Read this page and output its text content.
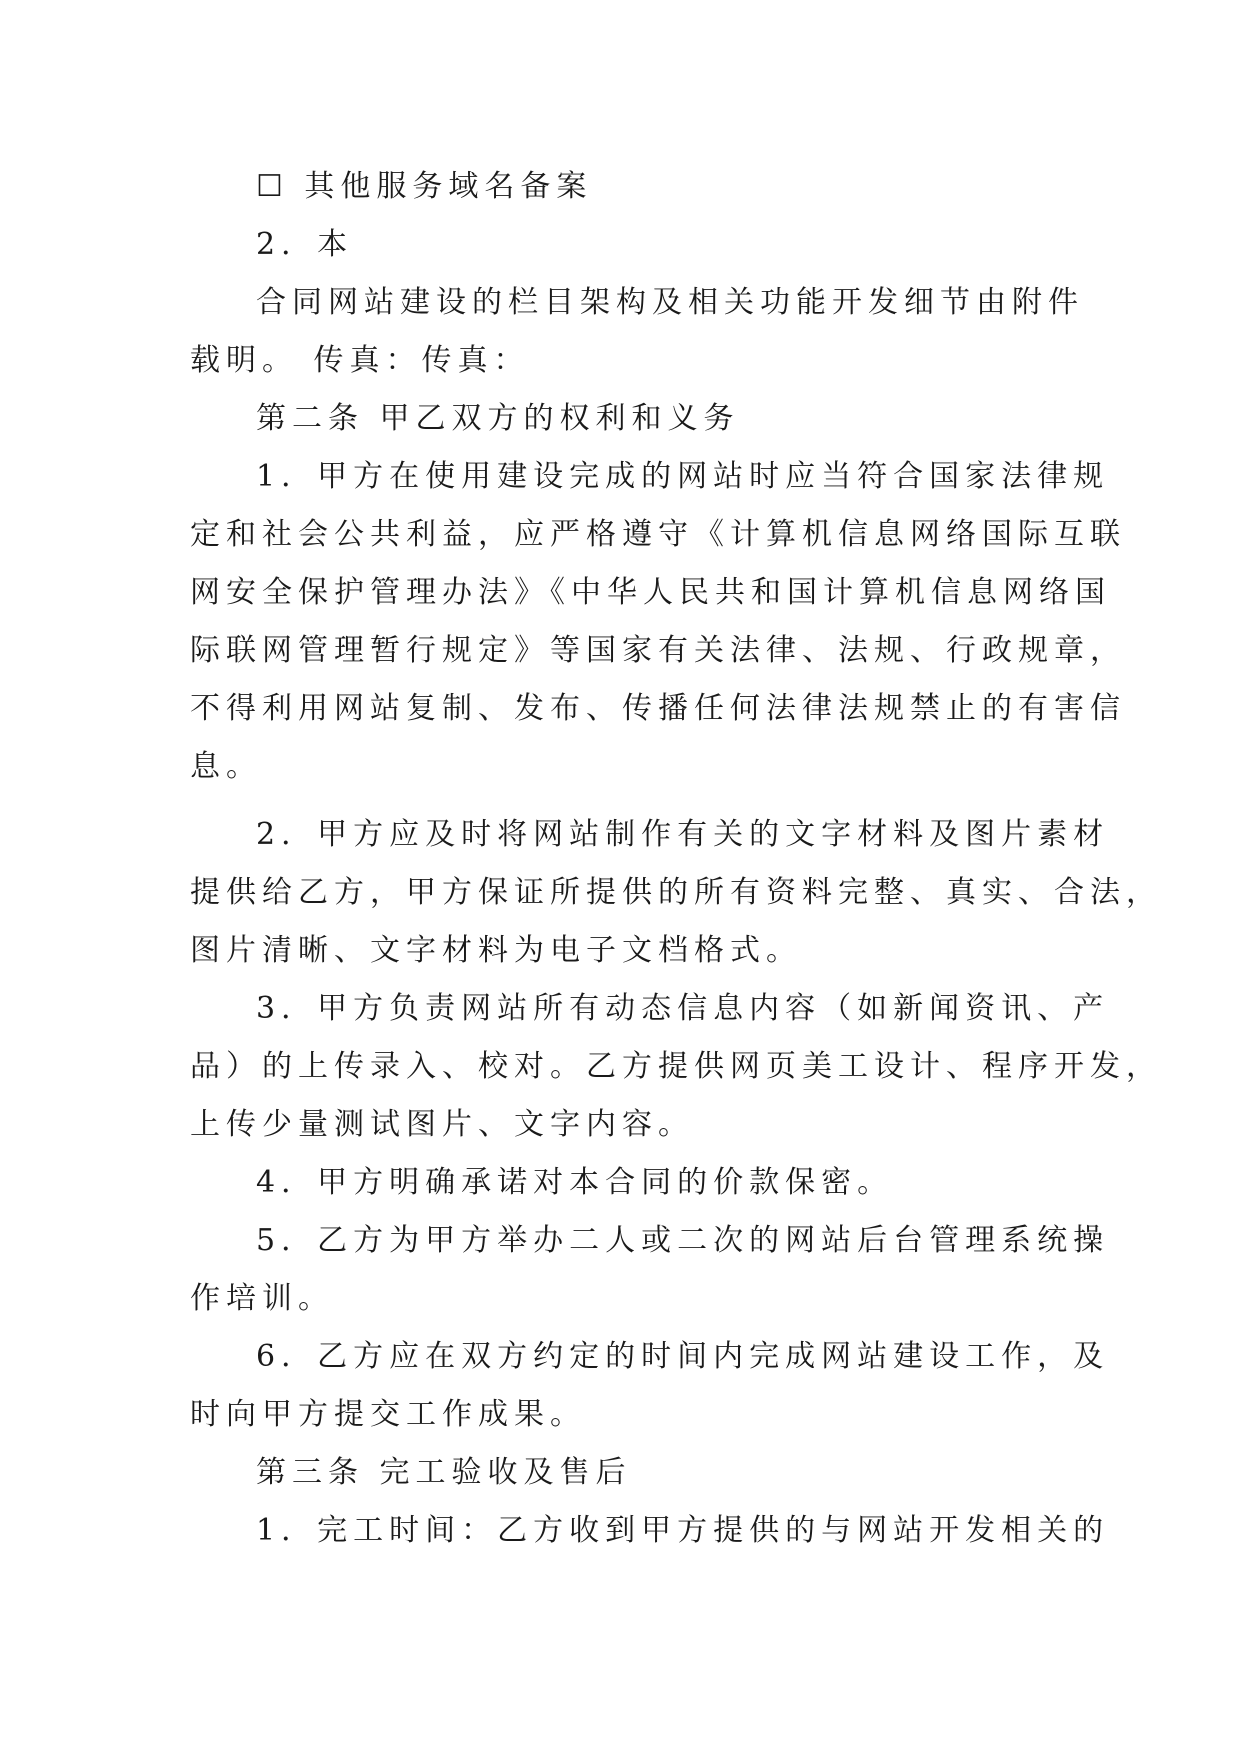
☐ 其他服务域名备案
2．本
合同网站建设的栏目架构及相关功能开发细节由附件
载明。 传真：传真：
第二条 甲乙双方的权利和义务
1．甲方在使用建设完成的网站时应当符合国家法律规
定和社会公共利益，应严格遵守《计算机信息网络国际互联
网安全保护管理办法》《中华人民共和国计算机信息网络国
际联网管理暂行规定》等国家有关法律、法规、行政规章，
不得利用网站复制、发布、传播任何法律法规禁止的有害信
息。
2．甲方应及时将网站制作有关的文字材料及图片素材
提供给乙方，甲方保证所提供的所有资料完整、真实、合法，
图片清晰、文字材料为电子文档格式。
3．甲方负责网站所有动态信息内容（如新闻资讯、产
品）的上传录入、校对。乙方提供网页美工设计、程序开发，
上传少量测试图片、文字内容。
4．甲方明确承诺对本合同的价款保密。
5．乙方为甲方举办二人或二次的网站后台管理系统操
作培训。
6．乙方应在双方约定的时间内完成网站建设工作，及
时向甲方提交工作成果。
第三条 完工验收及售后
1．完工时间：乙方收到甲方提供的与网站开发相关的
